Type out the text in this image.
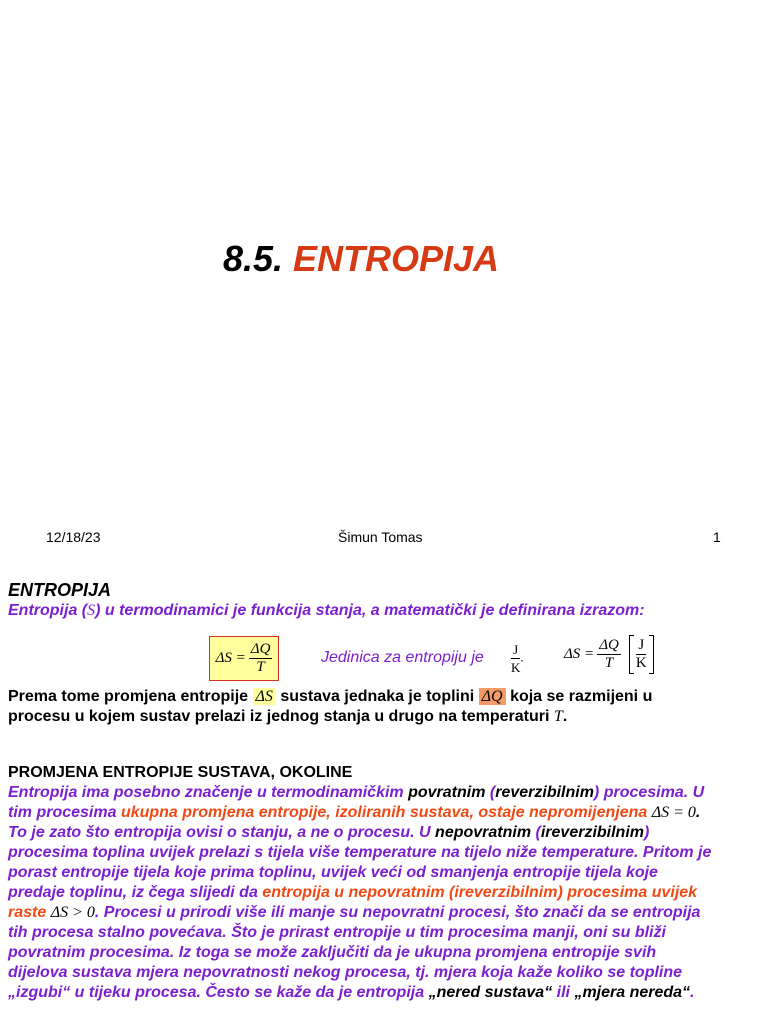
8.5. ENTROPIJA
12/18/23	Šimun Tomas	1
ENTROPIJA
Entropija (S) u termodinamici je funkcija stanja, a matematički je definirana izrazom:
$\Delta S = \frac{\Delta Q}{T}$	Jedinica za entropiju je $\frac{J}{K}$ .	$\Delta S = \frac{\Delta Q}{T} \frac{J}{K}$
Prema tome promjena entropije ΔS sustava jednaka je toplini ΔQ koja se razmijeni u
procesu u kojem sustav prelazi iz jednog stanja u drugo na temperaturi T.
PROMJENA ENTROPIJE SUSTAVA, OKOLINE
Entropija ima posebno značenje u termodinamičkim povratnim (reverzibilnim) procesima. U
tim procesima ukupna promjena entropije, izoliranih sustava, ostaje nepromijenjena ΔS = 0.
To je zato što entropija ovisi o stanju, a ne o procesu. U nepovratnim (ireverzibilnim)
procesima toplina uvijek prelazi s tijela više temperature na tijelo niže temperature. Pritom je
porast entropije tijela koje prima toplinu, uvijek veći od smanjenja entropije tijela koje
predaje toplinu, iz čega slijedi da entropija u nepovratnim (ireverzibilnim) procesima uvijek
raste ΔS > 0. Procesi u prirodi više ili manje su nepovratni procesi, što znači da se entropija
tih procesa stalno povećava. Što je prirast entropije u tim procesima manji, oni su bliži
povratnim procesima. Iz toga se može zaključiti da je ukupna promjena entropije svih
dijelova sustava mjera nepovratnosti nekog procesa, tj. mjera koja kaže koliko se topline
„izgubi“ u tijeku procesa. Često se kaže da je entropija „nered sustava“ ili „mjera nereda“.
